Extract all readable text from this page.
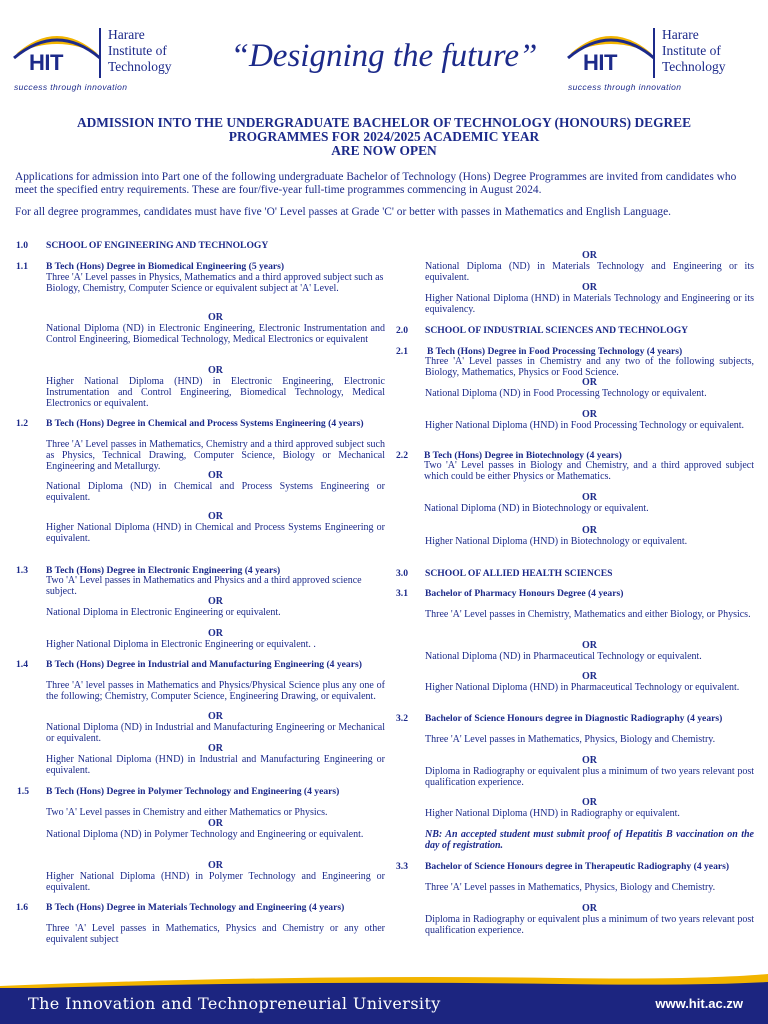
HIT
Harare
Institute of
Technology
success through innovation
“Designing the future”	HIT
Harare
Institute of
Technology
success through innovation
ADMISSION INTO THE UNDERGRADUATE BACHELOR OF TECHNOLOGY (HONOURS) DEGREE
PROGRAMMES FOR 2024/2025 ACADEMIC YEAR
ARE NOW OPEN

Applications for admission into Part one of the following undergraduate Bachelor of Technology (Hons) Degree Programmes are invited from candidates who meet the specified entry requirements. These are four/five-year full-time programmes commencing in August 2024.

For all degree programmes, candidates must have five 'O' Level passes at Grade 'C' or better with passes in Mathematics and English Language.

1.0 SCHOOL OF ENGINEERING AND TECHNOLOGY
1.1 B Tech (Hons) Degree in Biomedical Engineering (5 years)
Three 'A' Level passes in Physics, Mathematics and a third approved subject such as Biology, Chemistry, Computer Science or equivalent subject at 'A' Level.
OR
National Diploma (ND) in Electronic Engineering, Electronic Instrumentation and Control Engineering, Biomedical Technology, Medical Electronics or equivalent
OR
Higher National Diploma (HND) in Electronic Engineering, Electronic Instrumentation and Control Engineering, Biomedical Technology, Medical Electronics or equivalent.
1.2 B Tech (Hons) Degree in Chemical and Process Systems Engineering (4 years)
Three 'A' Level passes in Mathematics, Chemistry and a third approved subject such as Physics, Technical Drawing, Computer Science, Biology or Mechanical Engineering and Metallurgy.
OR
National Diploma (ND) in Chemical and Process Systems Engineering or equivalent.
OR
Higher National Diploma (HND) in Chemical and Process Systems Engineering or equivalent.
1.3 B Tech (Hons) Degree in Electronic Engineering (4 years)
Two 'A' Level passes in Mathematics and Physics and a third approved science subject.
OR
National Diploma in Electronic Engineering or equivalent.
OR
Higher National Diploma in Electronic Engineering or equivalent. .
1.4 B Tech (Hons) Degree in Industrial and Manufacturing Engineering (4 years)
Three 'A' level passes in Mathematics and Physics/Physical Science plus any one of the following; Chemistry, Computer Science, Engineering Drawing, or equivalent.
OR
National Diploma (ND) in Industrial and Manufacturing Engineering or Mechanical or equivalent.
OR
Higher National Diploma (HND) in Industrial and Manufacturing Engineering or equivalent.
1.5 B Tech (Hons) Degree in Polymer Technology and Engineering (4 years)
Two 'A' Level passes in Chemistry and either Mathematics or Physics.
OR
National Diploma (ND) in Polymer Technology and Engineering or equivalent.
OR
Higher National Diploma (HND) in Polymer Technology and Engineering or equivalent.
1.6 B Tech (Hons) Degree in Materials Technology and Engineering (4 years)
OR
National Diploma (ND) in Materials Technology and Engineering or its equivalent.
OR
Higher National Diploma (HND) in Materials Technology and Engineering or its equivalency.
2.0 SCHOOL OF INDUSTRIAL SCIENCES AND TECHNOLOGY
2.1 B Tech (Hons) Degree in Food Processing Technology (4 years)
Three 'A' Level passes in Chemistry and any two of the following subjects, Biology, Mathematics, Physics or Food Science.
OR
National Diploma (ND) in Food Processing Technology or equivalent.
OR
Higher National Diploma (HND) in Food Processing Technology or equivalent.
2.2 B Tech (Hons) Degree in Biotechnology (4 years)
Two 'A' Level passes in Biology and Chemistry, and a third approved subject which could be either Physics or Mathematics.
OR
National Diploma (ND) in Biotechnology or equivalent.
OR
Higher National Diploma (HND) in Biotechnology or equivalent.
3.0 SCHOOL OF ALLIED HEALTH SCIENCES
3.1 Bachelor of Pharmacy Honours Degree (4 years)
Three 'A' Level passes in Chemistry, Mathematics and either Biology, or Physics.
OR
National Diploma (ND) in Pharmaceutical Technology or equivalent.
OR
Higher National Diploma (HND) in Pharmaceutical Technology or equivalent.
3.2 Bachelor of Science Honours degree in Diagnostic Radiography (4 years)
Three 'A' Level passes in Mathematics, Physics, Biology and Chemistry.
OR
Diploma in Radiography or equivalent plus a minimum of two years relevant post qualification experience.
OR
Higher National Diploma (HND) in Radiography or equivalent.
NB: An accepted student must submit proof of Hepatitis B vaccination on the day of registration.
3.3 Bachelor of Science Honours degree in Therapeutic Radiography (4 years)
Three 'A' Level passes in Mathematics, Physics, Biology and Chemistry.
OR
Diploma in Radiography or equivalent plus a minimum of two years relevant post qualification experience.
Three 'A' Level passes in Mathematics, Physics and Chemistry or any other equivalent subject
The Innovation and Technopreneurial University	www.hit.ac.zw
